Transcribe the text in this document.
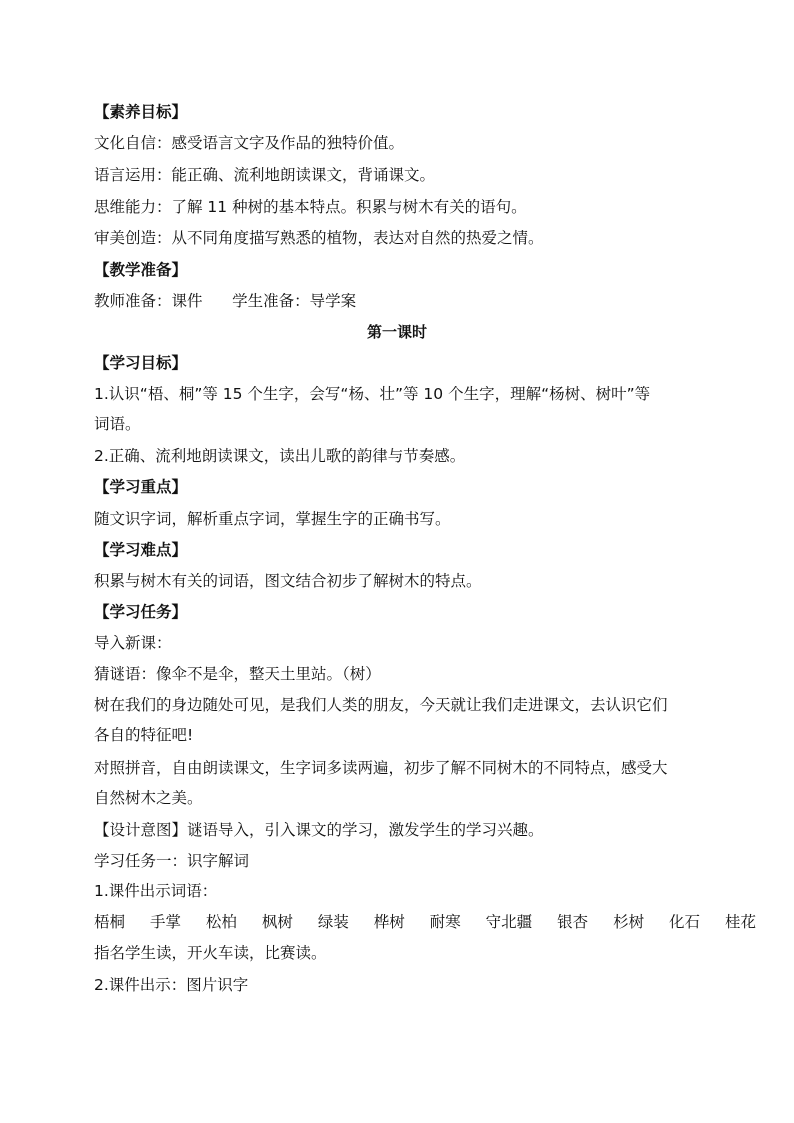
【素养目标】
文化自信：感受语言文字及作品的独特价值。
语言运用：能正确、流利地朗读课文，背诵课文。
思维能力：了解 11 种树的基本特点。积累与树木有关的语句。
审美创造：从不同角度描写熟悉的植物，表达对自然的热爱之情。
【教学准备】
教师准备：课件      学生准备：导学案
第一课时
【学习目标】
1.认识“梧、桐”等 15 个生字，会写“杨、壮”等 10 个生字，理解“杨树、树叶”等
词语。
2.正确、流利地朗读课文，读出儿歌的韵律与节奏感。
【学习重点】
随文识字词，解析重点字词，掌握生字的正确书写。
【学习难点】
积累与树木有关的词语，图文结合初步了解树木的特点。
【学习任务】
导入新课：
猜谜语：像伞不是伞，整天土里站。（树）
树在我们的身边随处可见，是我们人类的朋友，今天就让我们走进课文，去认识它们
各自的特征吧!
对照拼音，自由朗读课文，生字词多读两遍，初步了解不同树木的不同特点，感受大
自然树木之美。
【设计意图】谜语导入，引入课文的学习，激发学生的学习兴趣。
学习任务一：识字解词
1.课件出示词语：
梧桐 手掌 松柏 枫树 绿装 桦树 耐寒 守北疆 银杏 杉树 化石 桂花
指名学生读，开火车读，比赛读。
2.课件出示：图片识字
